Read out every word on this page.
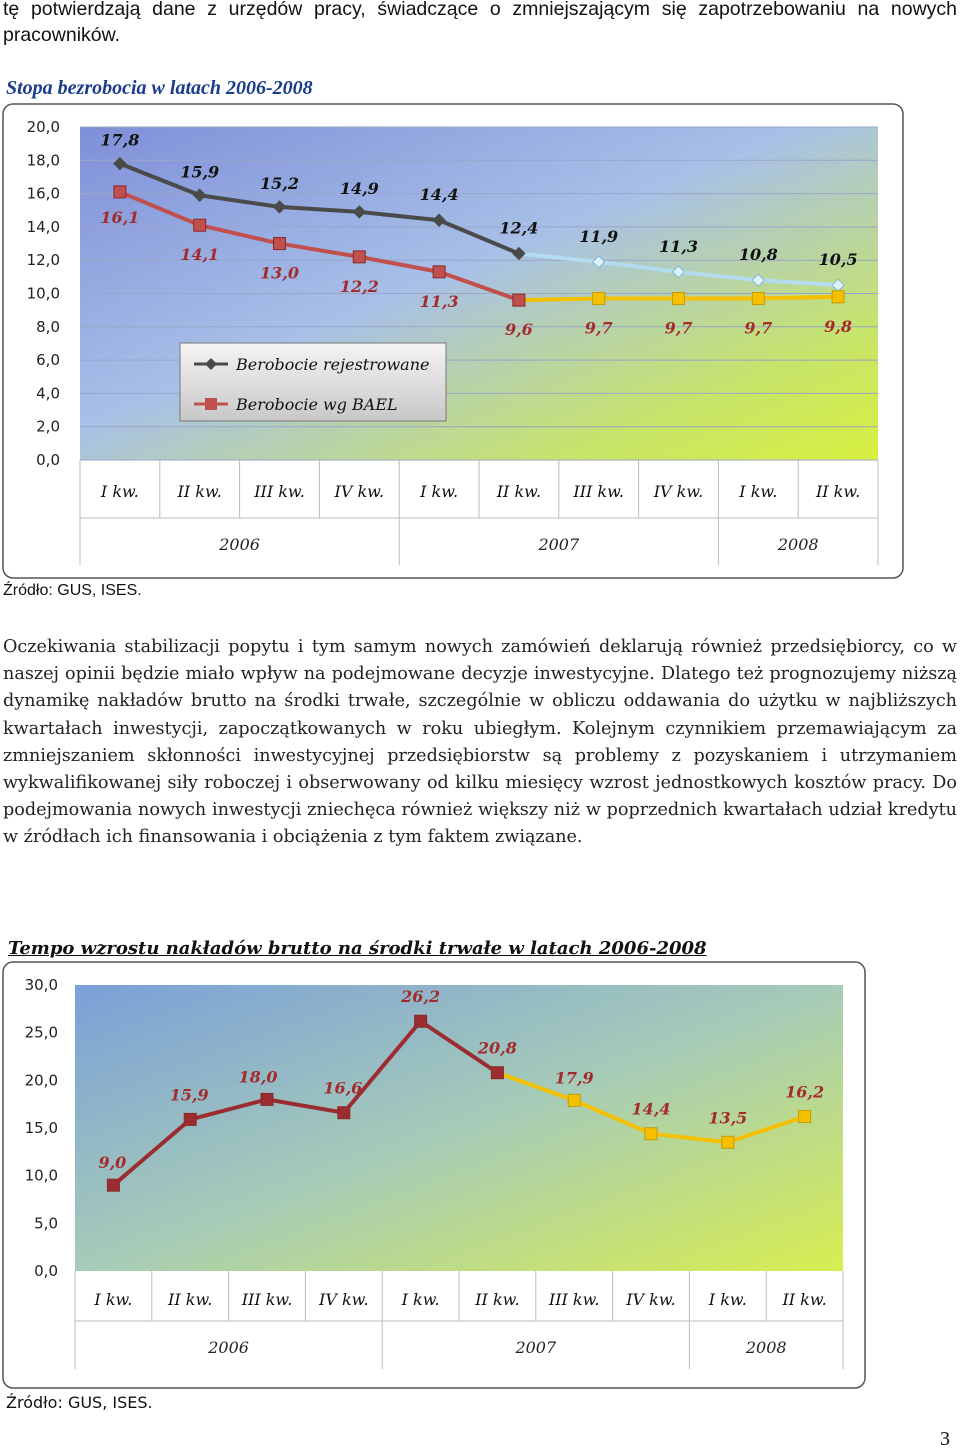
tę potwierdzają dane z urzędów pracy, świadczące o zmniejszającym się zapotrzebowaniu na nowych pracowników.

Stopa bezrobocia w latach 2006-2008

0,0
2,0
4,0
6,0
8,0
10,0
12,0
14,0
16,0
18,0
20,0
I kw. II kw. III kw. IV kw. I kw. II kw. III kw. IV kw. I kw. II kw.
2006	2007	2008
17,8
15,9
15,2	14,9	14,4
12,4	11,9
11,3	10,8	10,5
16,1
14,1
13,0
12,2
11,3
9,6	9,7	9,7	9,7	9,8
Berobocie rejestrowane
Berobocie wg BAEL

Źródło: GUS, ISES.

Oczekiwania stabilizacji popytu i tym samym nowych zamówień deklarują również przedsiębiorcy, co w naszej opinii będzie miało wpływ na podejmowane decyzje inwestycyjne. Dlatego też prognozujemy niższą dynamikę nakładów brutto na środki trwałe, szczególnie w obliczu oddawania do użytku w najbliższych kwartałach inwestycji, zapoczątkowanych w roku ubiegłym. Kolejnym czynnikiem przemawiającym za zmniejszaniem skłonności inwestycyjnej przedsiębiorstw są problemy z pozyskaniem i utrzymaniem wykwalifikowanej siły roboczej i obserwowany od kilku miesięcy wzrost jednostkowych kosztów pracy. Do podejmowania nowych inwestycji zniechęca również większy niż w poprzednich kwartałach udział kredytu w źródłach ich finansowania i obciążenia z tym faktem związane.

Tempo wzrostu nakładów brutto na środki trwałe w latach 2006-2008

0,0
5,0
10,0
15,0
20,0
25,0
30,0
I kw. II kw. III kw. IV kw. I kw. II kw. III kw. IV kw. I kw. II kw.
2006	2007	2008
9,0
15,9
18,0
16,6
26,2
20,8
17,9
14,4 13,5
16,2

Źródło: GUS, ISES.

3
